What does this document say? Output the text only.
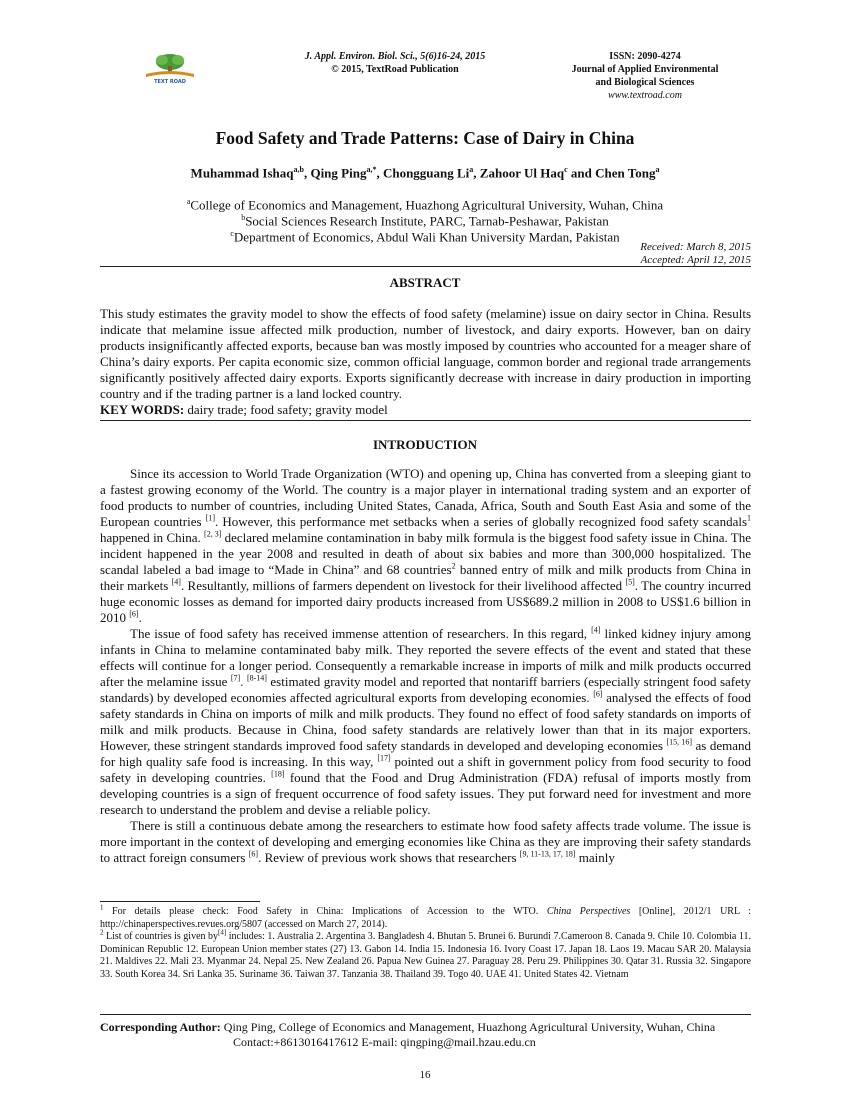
TEXT ROAD
J. Appl. Environ. Biol. Sci., 5(6)16-24, 2015
© 2015, TextRoad Publication
ISSN: 2090-4274
Journal of Applied Environmental
and Biological Sciences
www.textroad.com
Food Safety and Trade Patterns: Case of Dairy in China
Muhammad Ishaq$^{a,b}$, Qing Ping$^{a,*}$, Chongguang Li$^a$, Zahoor Ul Haq$^c$ and Chen Tong$^a$
$^a$College of Economics and Management, Huazhong Agricultural University, Wuhan, China
$^b$Social Sciences Research Institute, PARC, Tarnab-Peshawar, Pakistan
$^c$Department of Economics, Abdul Wali Khan University Mardan, Pakistan
Received: March 8, 2015
Accepted: April 12, 2015
ABSTRACT

This study estimates the gravity model to show the effects of food safety (melamine) issue on dairy sector in China. Results indicate that melamine issue affected milk production, number of livestock, and dairy exports. However, ban on dairy products insignificantly affected exports, because ban was mostly imposed by countries who accounted for a meager share of China’s dairy exports. Per capita economic size, common official language, common border and regional trade arrangements significantly positively affected dairy exports. Exports significantly decrease with increase in dairy production in importing country and if the trading partner is a land locked country.

KEY WORDS: dairy trade; food safety; gravity model

INTRODUCTION

Since its accession to World Trade Organization (WTO) and opening up, China has converted from a sleeping giant to a fastest growing economy of the World. The country is a major player in international trading system and an exporter of food products to number of countries, including United States, Canada, Africa, South and South East Asia and some of the European countries [1]. However, this performance met setbacks when a series of globally recognized food safety scandals$^1$ happened in China. [2, 3] declared melamine contamination in baby milk formula is the biggest food safety issue in China. The incident happened in the year 2008 and resulted in death of about six babies and more than 300,000 hospitalized. The scandal labeled a bad image to “Made in China” and 68 countries$^2$ banned entry of milk and milk products from China in their markets [4]. Resultantly, millions of farmers dependent on livestock for their livelihood affected [5]. The country incurred huge economic losses as demand for imported dairy products increased from US$689.2 million in 2008 to US$1.6 billion in 2010 [6].

The issue of food safety has received immense attention of researchers. In this regard, [4] linked kidney injury among infants in China to melamine contaminated baby milk. They reported the severe effects of the event and stated that these effects will continue for a longer period. Consequently a remarkable increase in imports of milk and milk products occurred after the melamine issue [7]. [8-14] estimated gravity model and reported that nontariff barriers (especially stringent food safety standards) by developed economies affected agricultural exports from developing economies. [6] analysed the effects of food safety standards in China on imports of milk and milk products. They found no effect of food safety standards on imports of milk and milk products. Because in China, food safety standards are relatively lower than that in its major exporters. However, these stringent standards improved food safety standards in developed and developing economies [15, 16] as demand for high quality safe food is increasing. In this way, [17] pointed out a shift in government policy from food security to food safety in developing countries. [18] found that the Food and Drug Administration (FDA) refusal of imports mostly from developing countries is a sign of frequent occurrence of food safety issues. They put forward need for investment and more research to understand the problem and devise a reliable policy.

There is still a continuous debate among the researchers to estimate how food safety affects trade volume. The issue is more important in the context of developing and emerging economies like China as they are improving their safety standards to attract foreign consumers [6]. Review of previous work shows that researchers [9, 11-13, 17, 18] mainly

$^1$ For details please check: Food Safety in China: Implications of Accession to the WTO. China Perspectives [Online], 2012/1 URL : http://chinaperspectives.revues.org/5807 (accessed on March 27, 2014).

$^2$ List of countries is given by[4] includes: 1. Australia 2. Argentina 3. Bangladesh 4. Bhutan 5. Brunei 6. Burundi 7.Cameroon 8. Canada 9. Chile 10. Colombia 11. Dominican Republic 12. European Union member states (27) 13. Gabon 14. India 15. Indonesia 16. Ivory Coast 17. Japan 18. Laos 19. Macau SAR 20. Malaysia 21. Maldives 22. Mali 23. Myanmar 24. Nepal 25. New Zealand 26. Papua New Guinea 27. Paraguay 28. Peru 29. Philippines 30. Qatar 31. Russia 32. Singapore 33. South Korea 34. Sri Lanka 35. Suriname 36. Taiwan 37. Tanzania 38. Thailand 39. Togo 40. UAE 41. United States 42. Vietnam

Corresponding Author: Qing Ping, College of Economics and Management, Huazhong Agricultural University, Wuhan, China
Contact:+8613016417612 E-mail: qingping@mail.hzau.edu.cn
16
